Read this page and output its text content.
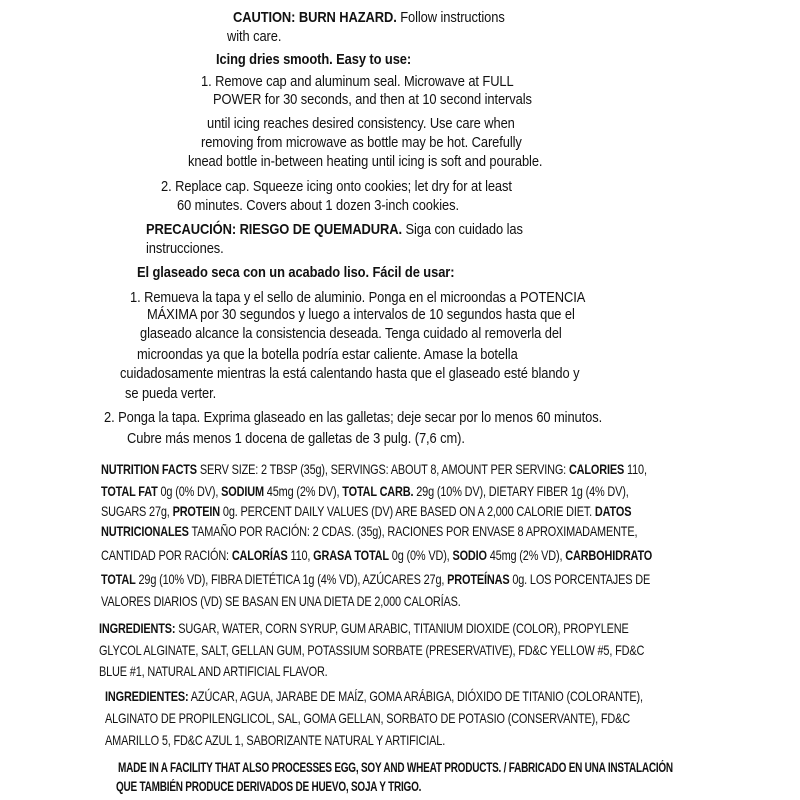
CAUTION: BURN HAZARD. Follow instructions
with care.
Icing dries smooth. Easy to use:
1. Remove cap and aluminum seal. Microwave at FULL
POWER for 30 seconds, and then at 10 second intervals
until icing reaches desired consistency. Use care when
removing from microwave as bottle may be hot. Carefully
knead bottle in-between heating until icing is soft and pourable.
2. Replace cap. Squeeze icing onto cookies; let dry for at least
60 minutes. Covers about 1 dozen 3-inch cookies.
PRECAUCIÓN: RIESGO DE QUEMADURA. Siga con cuidado las
instrucciones.
El glaseado seca con un acabado liso. Fácil de usar:
1. Remueva la tapa y el sello de aluminio. Ponga en el microondas a POTENCIA
MÁXIMA por 30 segundos y luego a intervalos de 10 segundos hasta que el
glaseado alcance la consistencia deseada. Tenga cuidado al removerla del
microondas ya que la botella podría estar caliente. Amase la botella
cuidadosamente mientras la está calentando hasta que el glaseado esté blando y
se pueda verter.
2. Ponga la tapa. Exprima glaseado en las galletas; deje secar por lo menos 60 minutos.
Cubre más menos 1 docena de galletas de 3 pulg. (7,6 cm).
NUTRITION FACTS SERV SIZE: 2 TBSP (35g), SERVINGS: ABOUT 8, AMOUNT PER SERVING: CALORIES 110,
TOTAL FAT 0g (0% DV), SODIUM 45mg (2% DV), TOTAL CARB. 29g (10% DV), DIETARY FIBER 1g (4% DV),
SUGARS 27g, PROTEIN 0g. PERCENT DAILY VALUES (DV) ARE BASED ON A 2,000 CALORIE DIET. DATOS
NUTRICIONALES TAMAÑO POR RACIÓN: 2 CDAS. (35g), RACIONES POR ENVASE 8 APROXIMADAMENTE,
CANTIDAD POR RACIÓN: CALORÍAS 110, GRASA TOTAL 0g (0% VD), SODIO 45mg (2% VD), CARBOHIDRATO
TOTAL 29g (10% VD), FIBRA DIETÉTICA 1g (4% VD), AZÚCARES 27g, PROTEÍNAS 0g. LOS PORCENTAJES DE
VALORES DIARIOS (VD) SE BASAN EN UNA DIETA DE 2,000 CALORÍAS.
INGREDIENTS: SUGAR, WATER, CORN SYRUP, GUM ARABIC, TITANIUM DIOXIDE (COLOR), PROPYLENE
GLYCOL ALGINATE, SALT, GELLAN GUM, POTASSIUM SORBATE (PRESERVATIVE), FD&C YELLOW #5, FD&C
BLUE #1, NATURAL AND ARTIFICIAL FLAVOR.
INGREDIENTES: AZÚCAR, AGUA, JARABE DE MAÍZ, GOMA ARÁBIGA, DIÓXIDO DE TITANIO (COLORANTE),
ALGINATO DE PROPILENGLICOL, SAL, GOMA GELLAN, SORBATO DE POTASIO (CONSERVANTE), FD&C
AMARILLO 5, FD&C AZUL 1, SABORIZANTE NATURAL Y ARTIFICIAL.
MADE IN A FACILITY THAT ALSO PROCESSES EGG, SOY AND WHEAT PRODUCTS. / FABRICADO EN UNA INSTALACIÓN
QUE TAMBIÉN PRODUCE DERIVADOS DE HUEVO, SOJA Y TRIGO.
